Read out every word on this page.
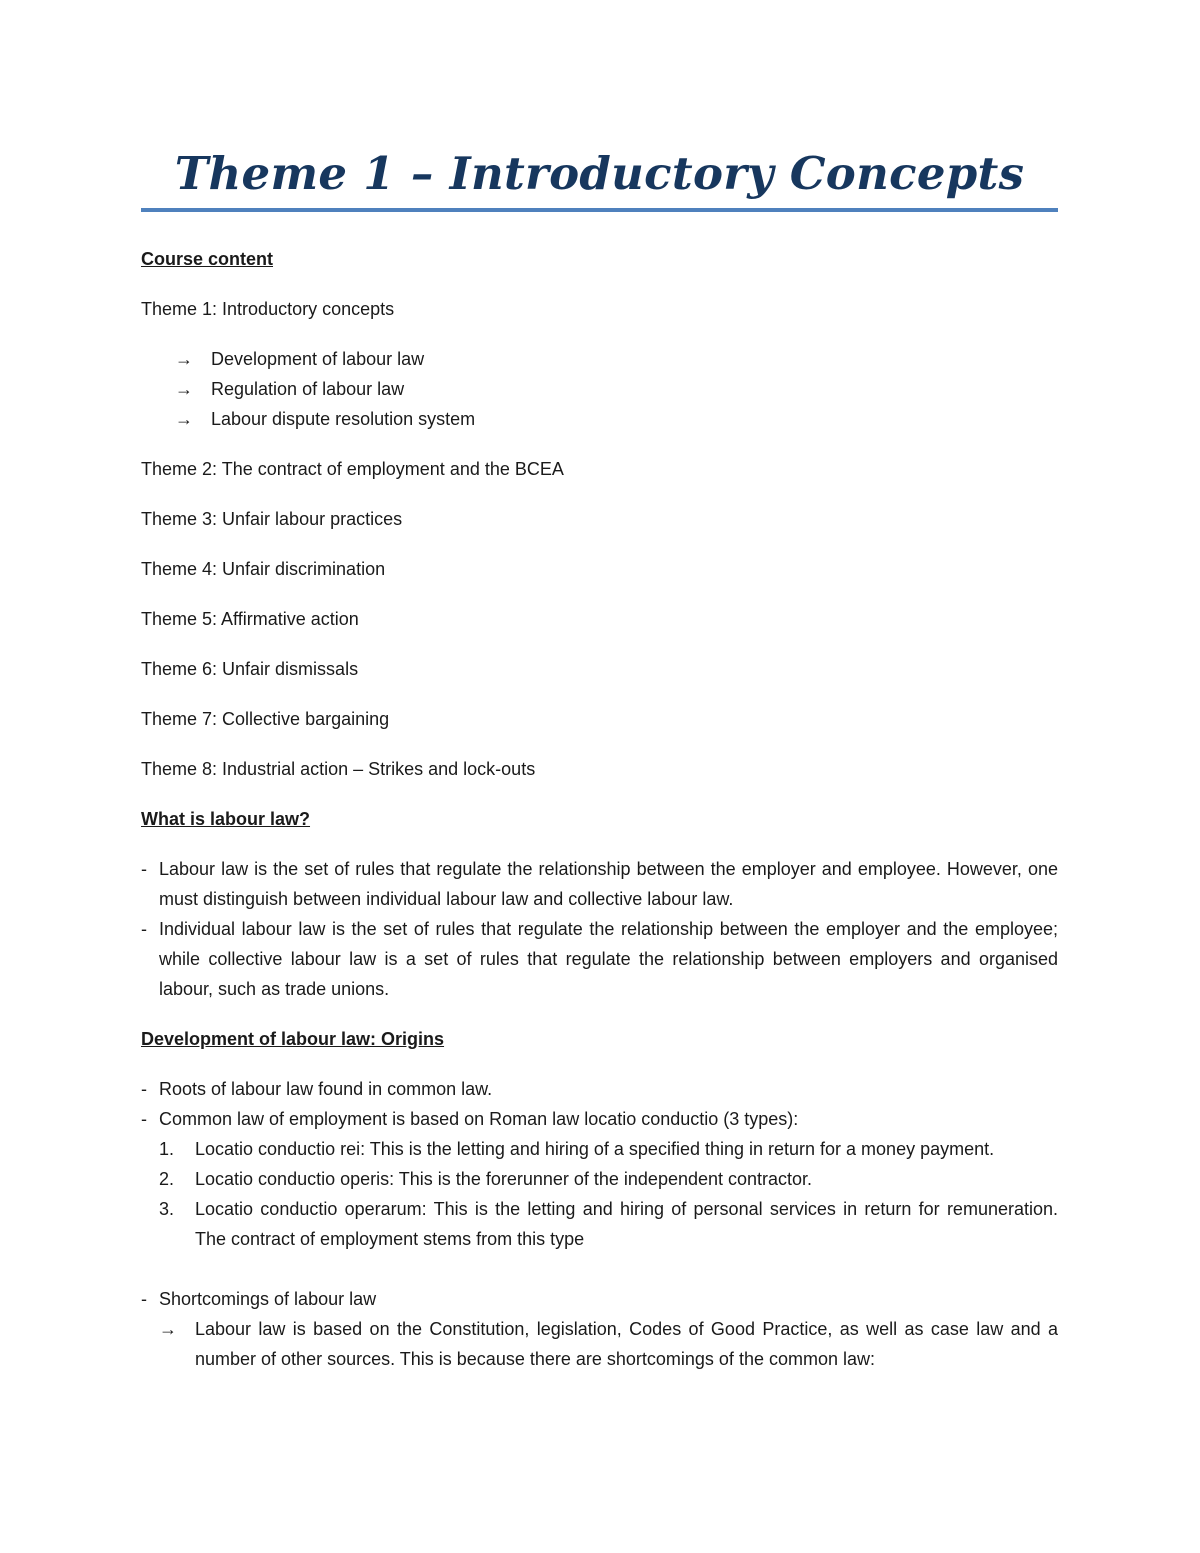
Theme 1 – Introductory Concepts

Course content

Theme 1: Introductory concepts

→	Development of labour law
→	Regulation of labour law
→	Labour dispute resolution system

Theme 2: The contract of employment and the BCEA

Theme 3: Unfair labour practices

Theme 4: Unfair discrimination

Theme 5: Affirmative action

Theme 6: Unfair dismissals

Theme 7: Collective bargaining

Theme 8: Industrial action – Strikes and lock-outs

What is labour law?

- Labour law is the set of rules that regulate the relationship between the employer and employee. However, one must distinguish between individual labour law and collective labour law.
- Individual labour law is the set of rules that regulate the relationship between the employer and the employee; while collective labour law is a set of rules that regulate the relationship between employers and organised labour, such as trade unions.

Development of labour law: Origins

- Roots of labour law found in common law.
- Common law of employment is based on Roman law locatio conductio (3 types):
1.	Locatio conductio rei: This is the letting and hiring of a specified thing in return for a money payment.
2.	Locatio conductio operis: This is the forerunner of the independent contractor.
3.	Locatio conductio operarum: This is the letting and hiring of personal services in return for remuneration. The contract of employment stems from this type
- Shortcomings of labour law
→	Labour law is based on the Constitution, legislation, Codes of Good Practice, as well as case law and a number of other sources. This is because there are shortcomings of the common law:
